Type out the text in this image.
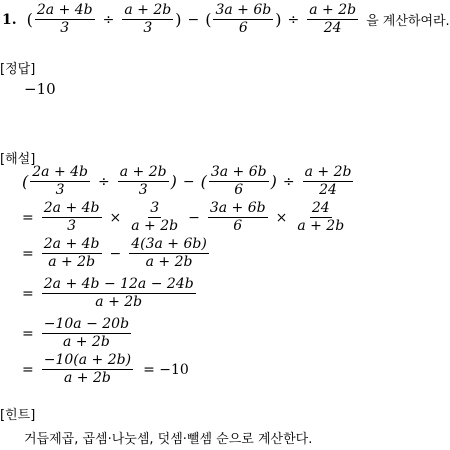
1. ( $\frac{2a + 4b}{3} \div \frac{a + 2b}{3}$ ) − ( $\frac{3a + 6b}{6}$ ) ÷ $\frac{a + 2b}{24}$ 을 계산하여라.
[정답]
−10
[해설]
( $\frac{2a + 4b}{3} \div \frac{a + 2b}{3}$ ) − ( $\frac{3a + 6b}{6}$ ) ÷ $\frac{a + 2b}{24}$
= $\frac{2a + 4b}{3} \times \frac{3}{a + 2b} - \frac{3a + 6b}{6} \times \frac{24}{a + 2b}$
= $\frac{2a + 4b}{a + 2b} - \frac{4(3a + 6b)}{a + 2b}$
= $\frac{2a + 4b - 12a - 24b}{a + 2b}$
= $\frac{-10a - 20b}{a + 2b}$
= $\frac{-10(a + 2b)}{a + 2b} = -10$
[힌트]
거듭제곱, 곱셈·나눗셈, 덧셈·뺄셈 순으로 계산한다.
